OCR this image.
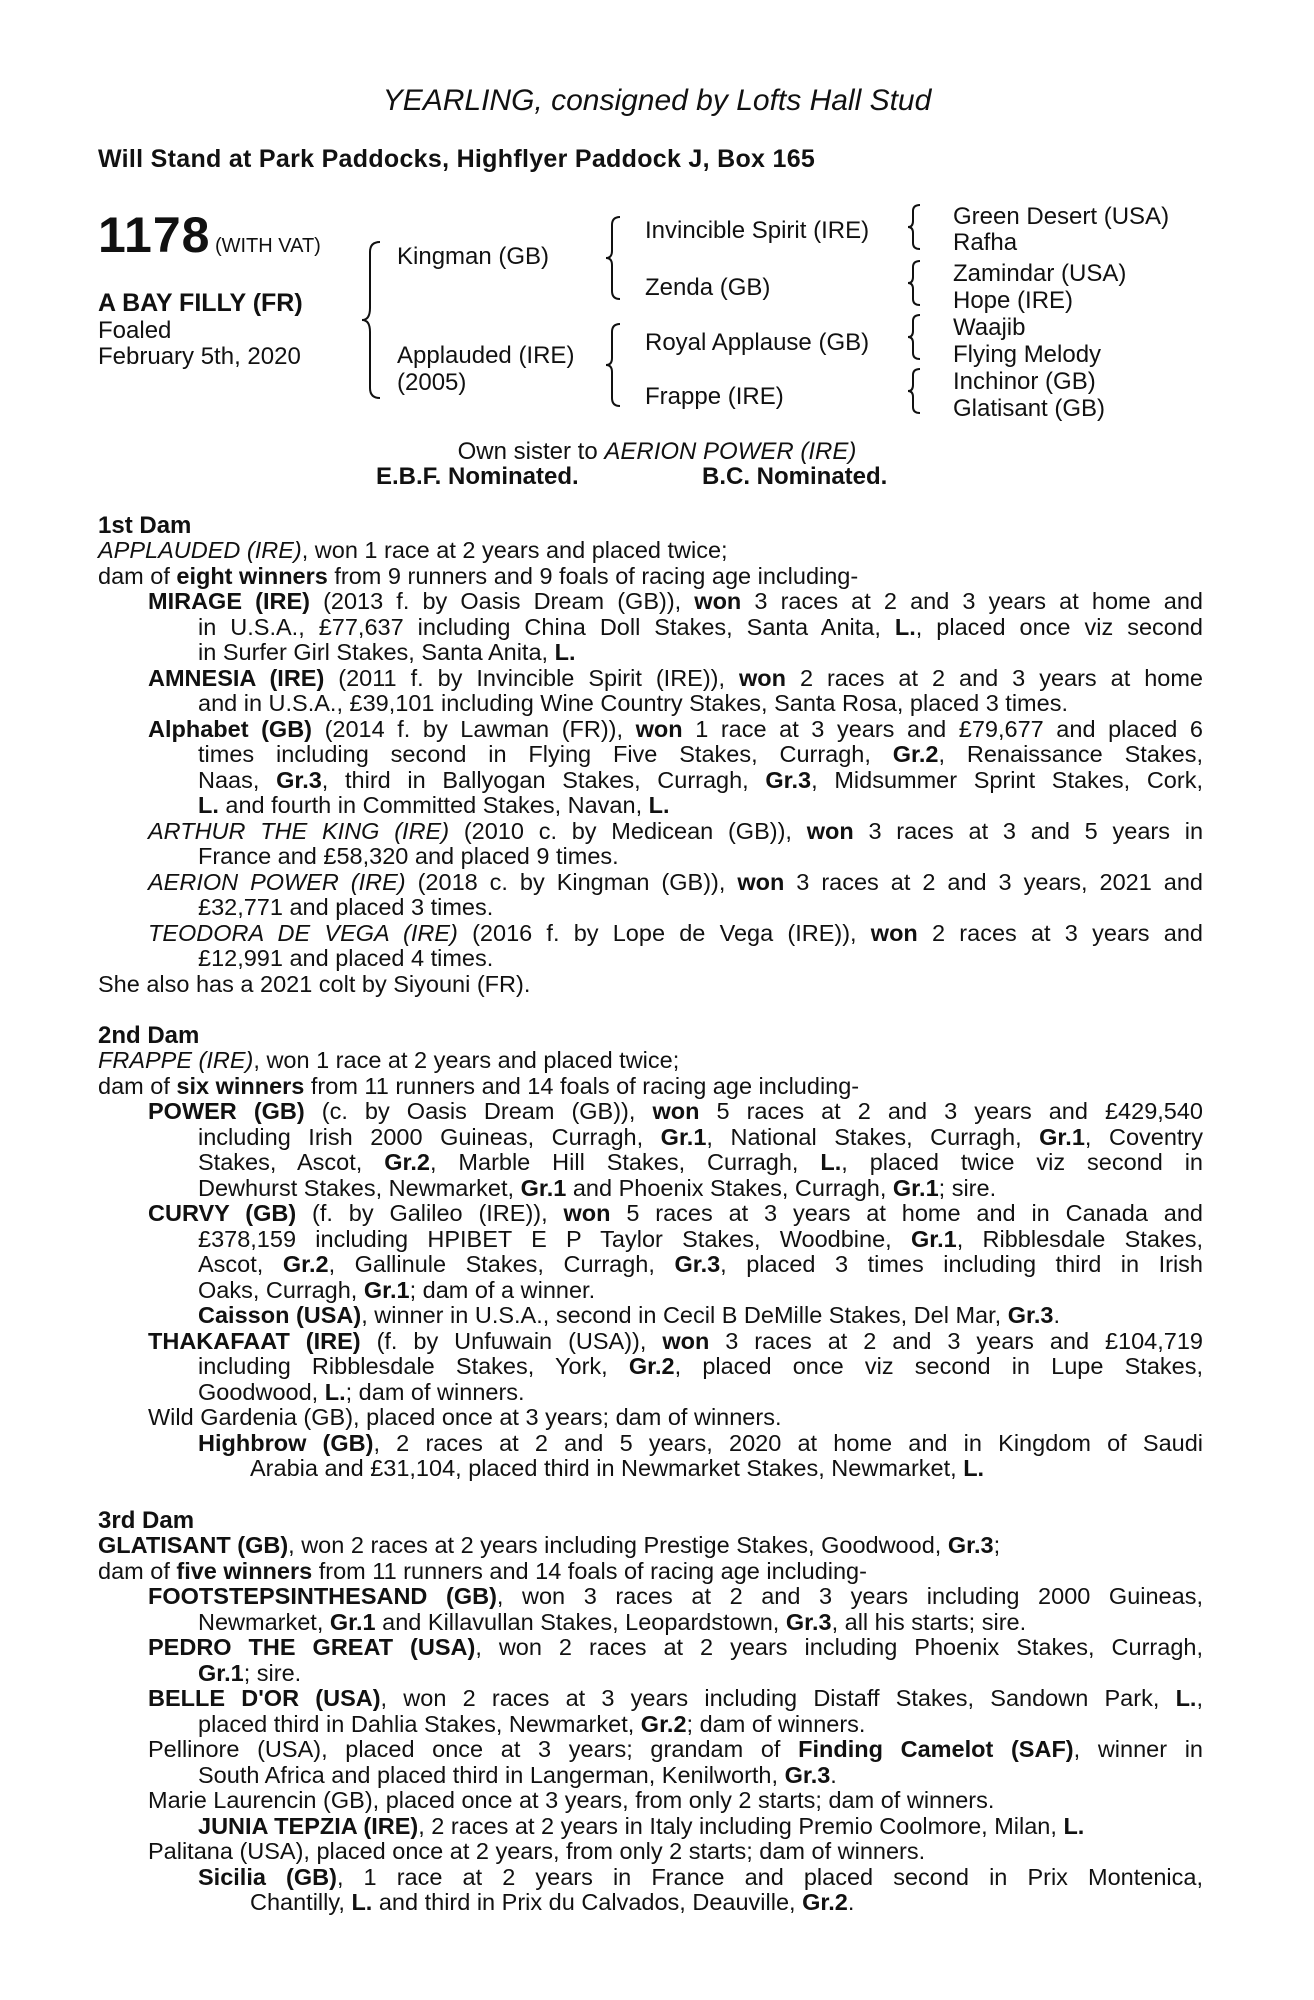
YEARLING, consigned by Lofts Hall Stud
Will Stand at Park Paddocks, Highflyer Paddock J, Box 165
1178 (WITH VAT)
A BAY FILLY (FR)
Foaled
February 5th, 2020
Kingman (GB)
Applauded (IRE)
(2005)
Invincible Spirit (IRE)
Zenda (GB)
Royal Applause (GB)
Frappe (IRE)
Green Desert (USA)
Rafha
Zamindar (USA)
Hope (IRE)
Waajib
Flying Melody
Inchinor (GB)
Glatisant (GB)
Own sister to AERION POWER (IRE)
E.B.F. Nominated.	B.C. Nominated.
1st Dam
APPLAUDED (IRE), won 1 race at 2 years and placed twice;
dam of eight winners from 9 runners and 9 foals of racing age including-
MIRAGE (IRE) (2013 f. by Oasis Dream (GB)), won 3 races at 2 and 3 years at home and
in U.S.A., £77,637 including China Doll Stakes, Santa Anita, L., placed once viz second
in Surfer Girl Stakes, Santa Anita, L.
AMNESIA (IRE) (2011 f. by Invincible Spirit (IRE)), won 2 races at 2 and 3 years at home
and in U.S.A., £39,101 including Wine Country Stakes, Santa Rosa, placed 3 times.
Alphabet (GB) (2014 f. by Lawman (FR)), won 1 race at 3 years and £79,677 and placed 6
times including second in Flying Five Stakes, Curragh, Gr.2, Renaissance Stakes,
Naas, Gr.3, third in Ballyogan Stakes, Curragh, Gr.3, Midsummer Sprint Stakes, Cork,
L. and fourth in Committed Stakes, Navan, L.
ARTHUR THE KING (IRE) (2010 c. by Medicean (GB)), won 3 races at 3 and 5 years in
France and £58,320 and placed 9 times.
AERION POWER (IRE) (2018 c. by Kingman (GB)), won 3 races at 2 and 3 years, 2021 and
£32,771 and placed 3 times.
TEODORA DE VEGA (IRE) (2016 f. by Lope de Vega (IRE)), won 2 races at 3 years and
£12,991 and placed 4 times.
She also has a 2021 colt by Siyouni (FR).
2nd Dam
FRAPPE (IRE), won 1 race at 2 years and placed twice;
dam of six winners from 11 runners and 14 foals of racing age including-
POWER (GB) (c. by Oasis Dream (GB)), won 5 races at 2 and 3 years and £429,540
including Irish 2000 Guineas, Curragh, Gr.1, National Stakes, Curragh, Gr.1, Coventry
Stakes, Ascot, Gr.2, Marble Hill Stakes, Curragh, L., placed twice viz second in
Dewhurst Stakes, Newmarket, Gr.1 and Phoenix Stakes, Curragh, Gr.1; sire.
CURVY (GB) (f. by Galileo (IRE)), won 5 races at 3 years at home and in Canada and
£378,159 including HPIBET E P Taylor Stakes, Woodbine, Gr.1, Ribblesdale Stakes,
Ascot, Gr.2, Gallinule Stakes, Curragh, Gr.3, placed 3 times including third in Irish
Oaks, Curragh, Gr.1; dam of a winner.
Caisson (USA), winner in U.S.A., second in Cecil B DeMille Stakes, Del Mar, Gr.3.
THAKAFAAT (IRE) (f. by Unfuwain (USA)), won 3 races at 2 and 3 years and £104,719
including Ribblesdale Stakes, York, Gr.2, placed once viz second in Lupe Stakes,
Goodwood, L.; dam of winners.
Wild Gardenia (GB), placed once at 3 years; dam of winners.
Highbrow (GB), 2 races at 2 and 5 years, 2020 at home and in Kingdom of Saudi
Arabia and £31,104, placed third in Newmarket Stakes, Newmarket, L.
3rd Dam
GLATISANT (GB), won 2 races at 2 years including Prestige Stakes, Goodwood, Gr.3;
dam of five winners from 11 runners and 14 foals of racing age including-
FOOTSTEPSINTHESAND (GB), won 3 races at 2 and 3 years including 2000 Guineas,
Newmarket, Gr.1 and Killavullan Stakes, Leopardstown, Gr.3, all his starts; sire.
PEDRO THE GREAT (USA), won 2 races at 2 years including Phoenix Stakes, Curragh,
Gr.1; sire.
BELLE D'OR (USA), won 2 races at 3 years including Distaff Stakes, Sandown Park, L.,
placed third in Dahlia Stakes, Newmarket, Gr.2; dam of winners.
Pellinore (USA), placed once at 3 years; grandam of Finding Camelot (SAF), winner in
South Africa and placed third in Langerman, Kenilworth, Gr.3.
Marie Laurencin (GB), placed once at 3 years, from only 2 starts; dam of winners.
JUNIA TEPZIA (IRE), 2 races at 2 years in Italy including Premio Coolmore, Milan, L.
Palitana (USA), placed once at 2 years, from only 2 starts; dam of winners.
Sicilia (GB), 1 race at 2 years in France and placed second in Prix Montenica,
Chantilly, L. and third in Prix du Calvados, Deauville, Gr.2.
